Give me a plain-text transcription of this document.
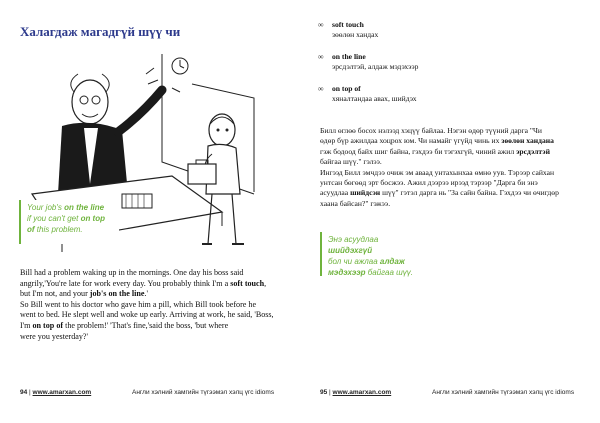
Халагдаж магадгүй шүү чи
Your job's on the line
if you can't get on top
of this problem.

Bill had a problem waking up in the mornings. One day his boss said

angrily,'You're late for work every day. You probably think I'm a soft touch,

but I'm not, and your job's on the line.'

So Bill went to his doctor who gave him a pill, which Bill took before he

went to bed. He slept well and woke up early. Arriving at work, he said, 'Boss,

I'm on top of the problem!' 'That's fine,'said the boss, 'but where

were you yesterday?'

94 | www.amarxan.com	Англи хэлний хамгийн түгээмэл хэлц үгс idioms
∞ soft touch
зөөлөн хандах
∞ on the line
эрсдэлтэй, алдаж мэдэхээр
∞ on top of
хяналтандаа авах, шийдэх

Билл өглөө босох нэлээд хэцүү байлаа. Нэгэн өдөр түүний дарга "Чи

өдөр бүр ажилдаа хоцрох юм. Чи намайг үгүйд чинь их зөөлөн хандана

гэж бодоод байх шиг байна, гэхдээ би тэгэхгүй, чиний ажил эрсдэлтэй

байгаа шүү." гэлээ.

Ингээд Билл эмчдээ очиж эм аваад унтахынхаа өмнө уув. Тэрээр сайхан

унтсан бөгөөд эрт босжээ. Ажил дээрээ ирээд тэрээр "Дарга би энэ

асуудлаа шийдсэн шүү" гэтэл дарга нь "За сайн байна. Гэхдээ чи өчигдөр

хаана байсан?" гэжээ.

Энэ асуудлаа шийдэхгүй
бол чи ажлаа алдаж
мэдэхээр байгаа шүү.
95 | www.amarxan.com	Англи хэлний хамгийн түгээмэл хэлц үгс idioms
